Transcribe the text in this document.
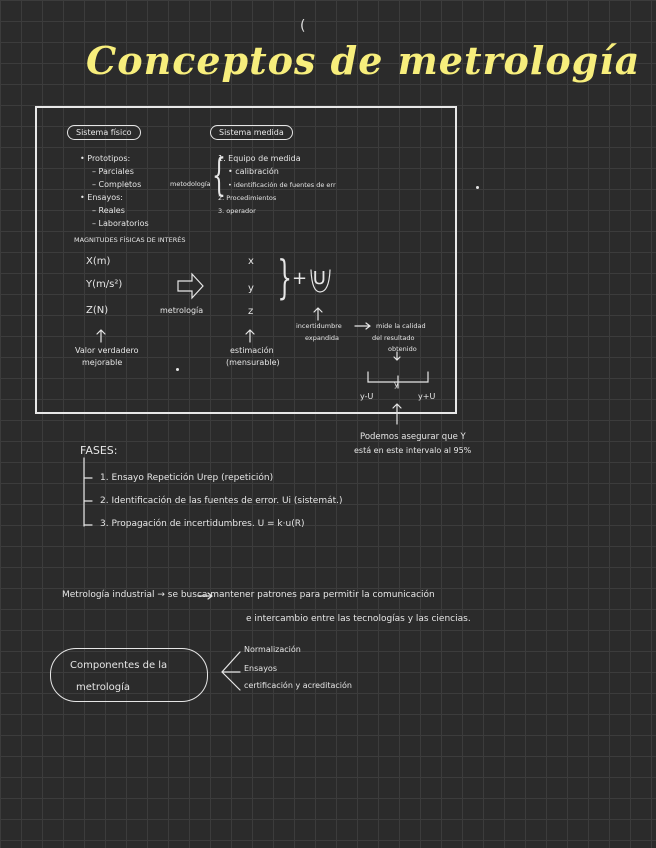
(
Conceptos de metrología
Sistema físico	Sistema medida
• Prototipos:
– Parciales
– Completos
• Ensayos:
– Reales
– Laboratorios
metodología {
1. Equipo de medida
• calibración
• identificación de fuentes de err
2. Procedimientos
3. operador
MAGNITUDES FÍSICAS DE INTERÉS
X(m)
Y(m/s²)
Z(N)	metrología
x
y
z
} + U
Valor verdadero
mejorable
estimación
(mensurable)
incertidumbre
expandida
mide la calidad
del resultado
obtenido
y-U
y
y+U
Podemos asegurar que Y
está en este intervalo al 95%
FASES:
1. Ensayo Repetición Urep (repetición)
2. Identificación de las fuentes de error. Ui (sistemát.)
3. Propagación de incertidumbres. U = k·u(R)
Metrología industrial → se busca mantener patrones para permitir la comunicación
e intercambio entre las tecnologías y las ciencias.
Componentes de la
metrología
Normalización
Ensayos
certificación y acreditación
